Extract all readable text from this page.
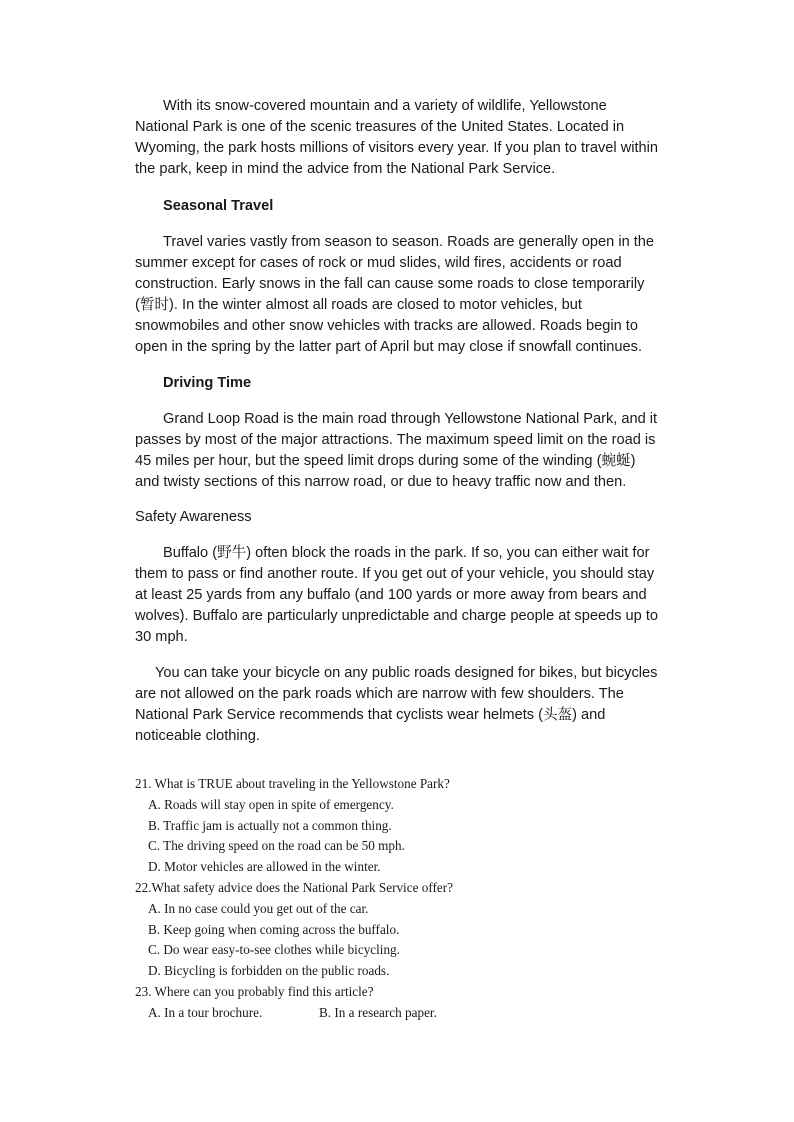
With its snow-covered mountain and a variety of wildlife, Yellowstone National Park is one of the scenic treasures of the United States. Located in Wyoming, the park hosts millions of visitors every year. If you plan to travel within the park, keep in mind the advice from the National Park Service.

Seasonal Travel

Travel varies vastly from season to season. Roads are generally open in the summer except for cases of rock or mud slides, wild fires, accidents or road construction. Early snows in the fall can cause some roads to close temporarily (暂时). In the winter almost all roads are closed to motor vehicles, but snowmobiles and other snow vehicles with tracks are allowed. Roads begin to open in the spring by the latter part of April but may close if snowfall continues.

Driving Time

Grand Loop Road is the main road through Yellowstone National Park, and it passes by most of the major attractions. The maximum speed limit on the road is 45 miles per hour, but the speed limit drops during some of the winding (蜿蜒) and twisty sections of this narrow road, or due to heavy traffic now and then.

Safety Awareness

Buffalo (野牛) often block the roads in the park. If so, you can either wait for them to pass or find another route. If you get out of your vehicle, you should stay at least 25 yards from any buffalo (and 100 yards or more away from bears and wolves). Buffalo are particularly unpredictable and charge people at speeds up to 30 mph.

You can take your bicycle on any public roads designed for bikes, but bicycles are not allowed on the park roads which are narrow with few shoulders. The National Park Service recommends that cyclists wear helmets (头盔) and noticeable clothing.

21. What is TRUE about traveling in the Yellowstone Park?

A. Roads will stay open in spite of emergency.

B. Traffic jam is actually not a common thing.

C. The driving speed on the road can be 50 mph.

D. Motor vehicles are allowed in the winter.

22.What safety advice does the National Park Service offer?

A. In no case could you get out of the car.

B. Keep going when coming across the buffalo.

C. Do wear easy-to-see clothes while bicycling.

D. Bicycling is forbidden on the public roads.

23. Where can you probably find this article?

A. In a tour brochure.	B. In a research paper.
